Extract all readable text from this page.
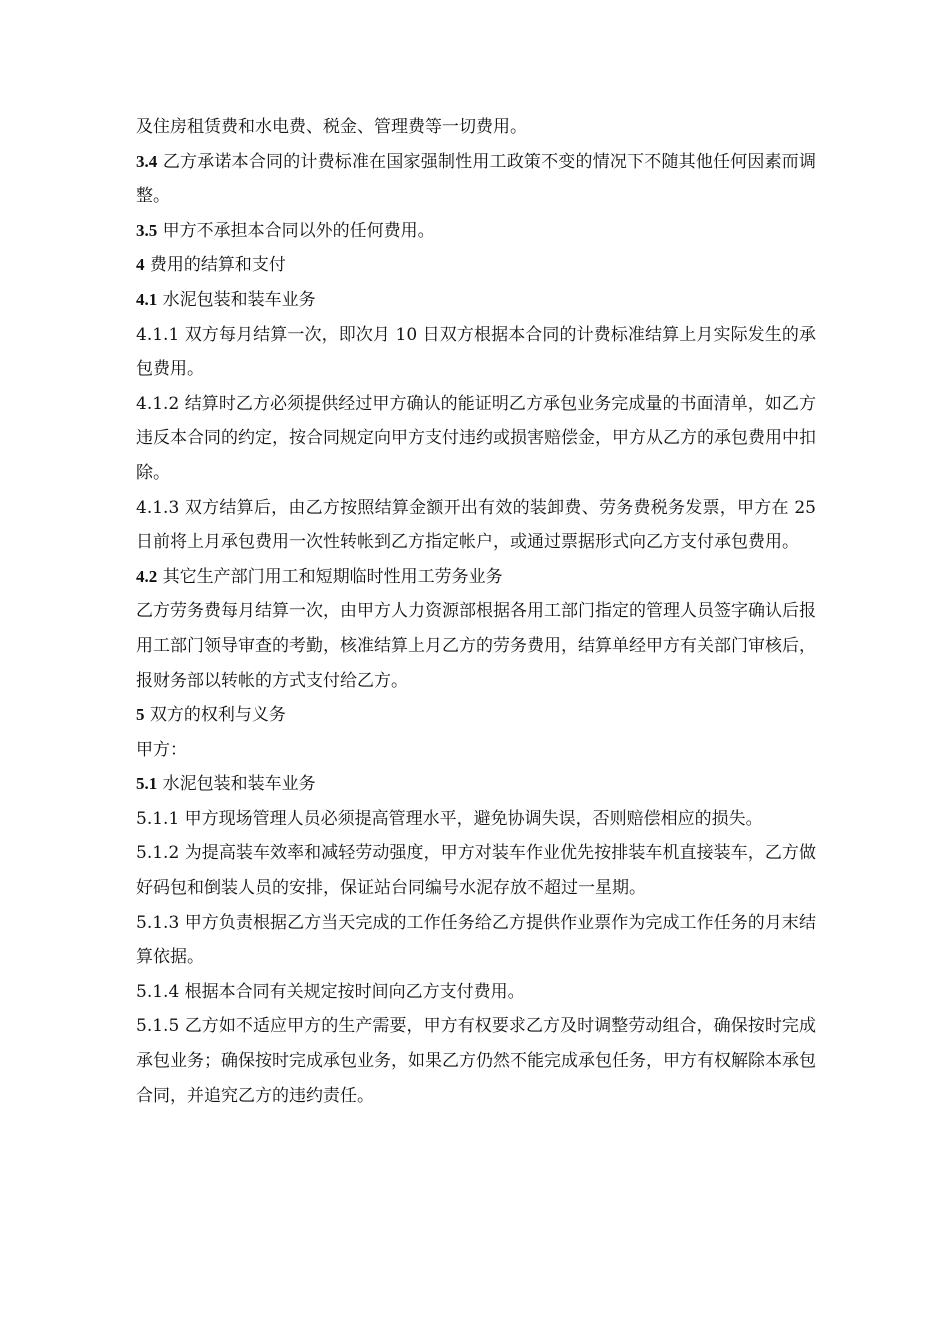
及住房租赁费和水电费、税金、管理费等一切费用。

3.4 乙方承诺本合同的计费标准在国家强制性用工政策不变的情况下不随其他任何因素而调整。

3.5 甲方不承担本合同以外的任何费用。

4 费用的结算和支付

4.1 水泥包装和装车业务

4.1.1 双方每月结算一次，即次月 10 日双方根据本合同的计费标准结算上月实际发生的承包费用。

4.1.2 结算时乙方必须提供经过甲方确认的能证明乙方承包业务完成量的书面清单，如乙方违反本合同的约定，按合同规定向甲方支付违约或损害赔偿金，甲方从乙方的承包费用中扣除。

4.1.3 双方结算后，由乙方按照结算金额开出有效的装卸费、劳务费税务发票，甲方在 25 日前将上月承包费用一次性转帐到乙方指定帐户，或通过票据形式向乙方支付承包费用。

4.2 其它生产部门用工和短期临时性用工劳务业务

乙方劳务费每月结算一次，由甲方人力资源部根据各用工部门指定的管理人员签字确认后报用工部门领导审查的考勤，核准结算上月乙方的劳务费用，结算单经甲方有关部门审核后，报财务部以转帐的方式支付给乙方。

5 双方的权利与义务

甲方：

5.1 水泥包装和装车业务

5.1.1 甲方现场管理人员必须提高管理水平，避免协调失误，否则赔偿相应的损失。

5.1.2 为提高装车效率和减轻劳动强度，甲方对装车作业优先按排装车机直接装车，乙方做好码包和倒装人员的安排，保证站台同编号水泥存放不超过一星期。

5.1.3 甲方负责根据乙方当天完成的工作任务给乙方提供作业票作为完成工作任务的月末结算依据。

5.1.4 根据本合同有关规定按时间向乙方支付费用。

5.1.5 乙方如不适应甲方的生产需要，甲方有权要求乙方及时调整劳动组合，确保按时完成承包业务；确保按时完成承包业务，如果乙方仍然不能完成承包任务，甲方有权解除本承包合同，并追究乙方的违约责任。
